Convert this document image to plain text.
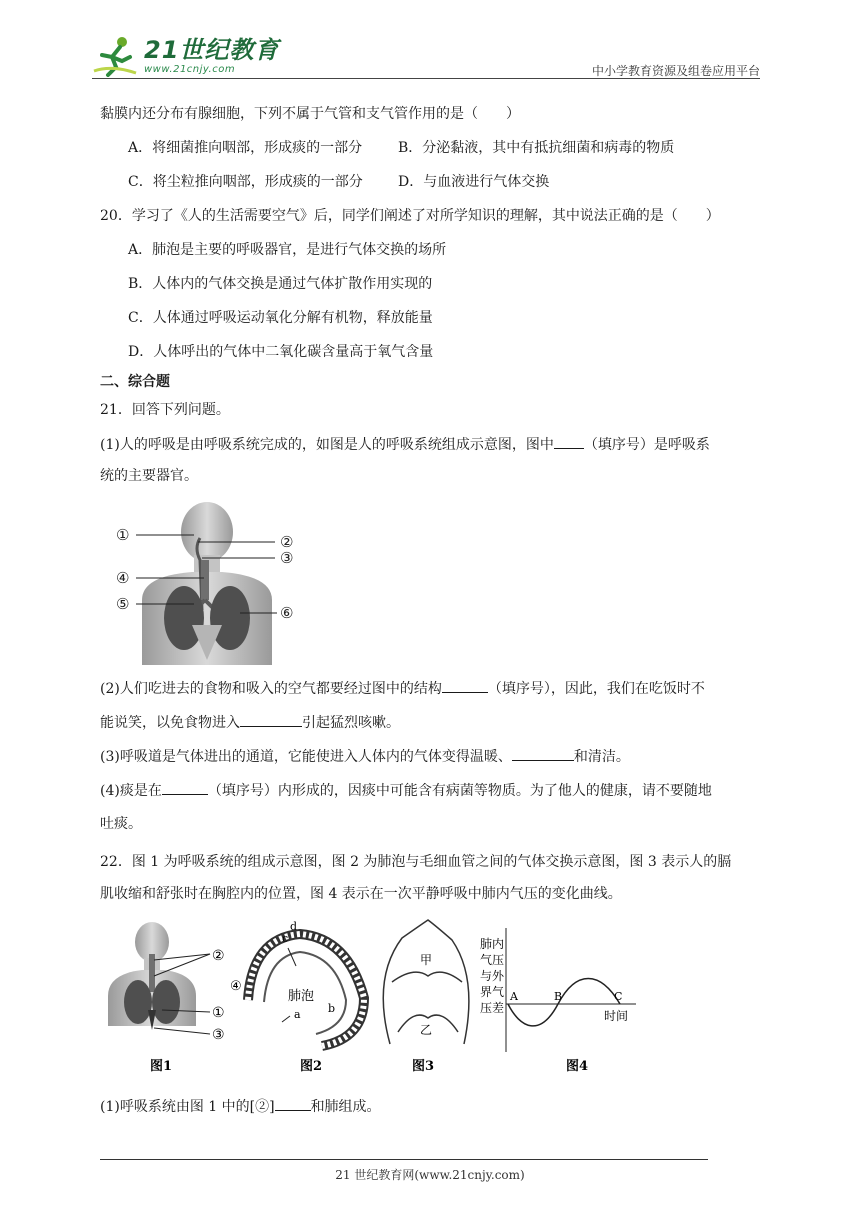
21世纪教育
www.21cnjy.com	中小学教育资源及组卷应用平台
黏膜内还分布有腺细胞，下列不属于气管和支气管作用的是（　　）
A．将细菌推向咽部，形成痰的一部分	B．分泌黏液，其中有抵抗细菌和病毒的物质
C．将尘粒推向咽部，形成痰的一部分	D．与血液进行气体交换
20．学习了《人的生活需要空气》后，同学们阐述了对所学知识的理解，其中说法正确的是（　　）
A．肺泡是主要的呼吸器官，是进行气体交换的场所
B．人体内的气体交换是通过气体扩散作用实现的
C．人体通过呼吸运动氧化分解有机物，释放能量
D．人体呼出的气体中二氧化碳含量高于氧气含量
二、综合题
21．回答下列问题。
(1)人的呼吸是由呼吸系统完成的，如图是人的呼吸系统组成示意图，图中 （填序号）是呼吸系
统的主要器官。
①	②
③
④
⑤	⑥
(2)人们吃进去的食物和吸入的空气都要经过图中的结构	（填序号），因此，我们在吃饭时不
能说笑，以免食物进入	引起猛烈咳嗽。
(3)呼吸道是气体进出的通道，它能使进入人体内的气体变得温暖、	和清洁。
(4)痰是在	（填序号）内形成的，因痰中可能含有病菌等物质。为了他人的健康，请不要随地
吐痰。
22．图 1 为呼吸系统的组成示意图，图 2 为肺泡与毛细血管之间的气体交换示意图，图 3 表示人的膈
肌收缩和舒张时在胸腔内的位置，图 4 表示在一次平静呼吸中肺内气压的变化曲线。
②
①
③
图1
肺泡
c
d
④
a b
图2
甲
乙
图3
肺内
气压
与外
界气
压差
A	B	C
时间
图4
(1)呼吸系统由图 1 中的[②]	和肺组成。
21 世纪教育网(www.21cnjy.com)
